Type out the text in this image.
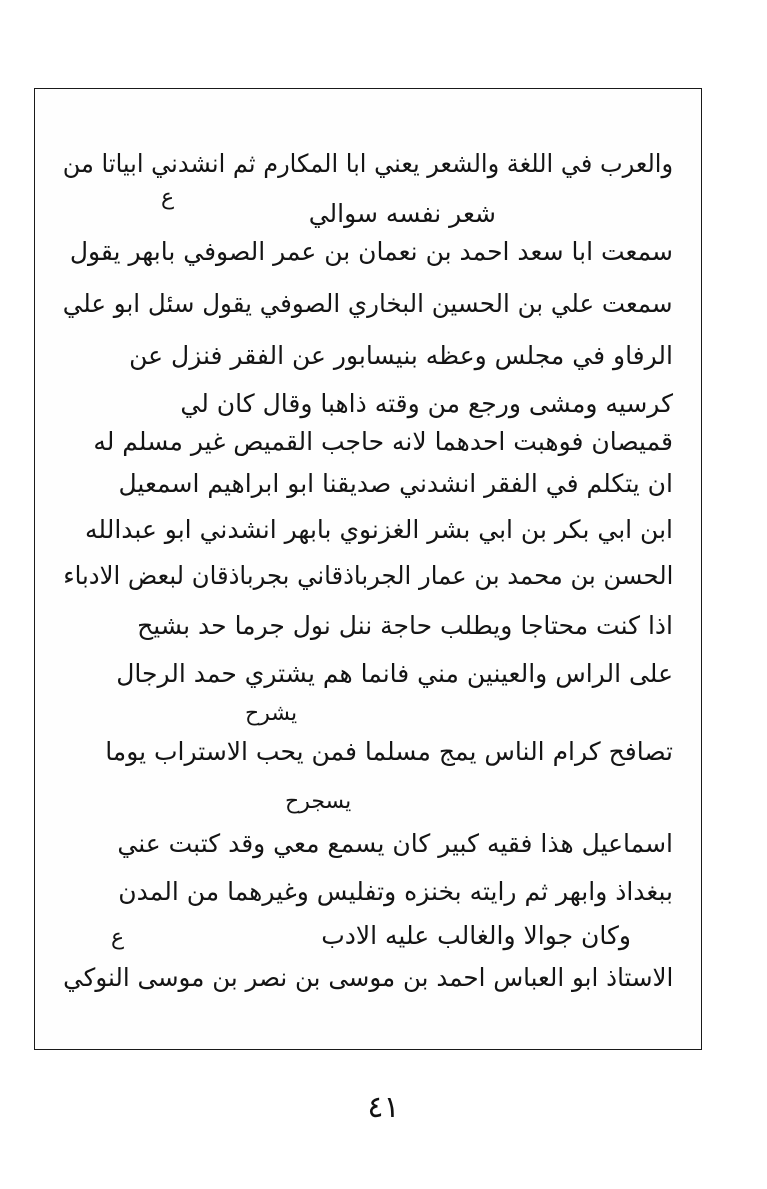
والعرب في اللغة والشعر يعني ابا المكارم ثم انشدني ابياتا من
شعر نفسه سوالي
ع
سمعت ابا سعد احمد بن نعمان بن عمر الصوفي بابهر يقول
سمعت علي بن الحسين البخاري الصوفي يقول سئل ابو علي
الرفاو في مجلس وعظه بنيسابور عن الفقر فنزل عن
كرسيه ومشى ورجع من وقته ذاهبا وقال كان لي
قميصان فوهبت احدهما لانه حاجب القميص غير مسلم له
ان يتكلم في الفقر انشدني صديقنا ابو ابراهيم اسمعيل
ابن ابي بكر بن ابي بشر الغزنوي بابهر انشدني ابو عبدالله
الحسن بن محمد بن عمار الجرباذقاني بجرباذقان لبعض الادباء
اذا كنت محتاجا ويطلب حاجة ننل نول جرما حد بشيح
على الراس والعينين مني فانما هم يشتري حمد الرجال
يشرح
تصافح كرام الناس يمج مسلما فمن يحب الاستراب يوما
يسجرح
اسماعيل هذا فقيه كبير كان يسمع معي وقد كتبت عني
ببغداذ وابهر ثم رايته بخنزه وتفليس وغيرهما من المدن
وكان جوالا والغالب عليه الادب
ع
الاستاذ ابو العباس احمد بن موسى بن نصر بن موسى النوكي
٤١
